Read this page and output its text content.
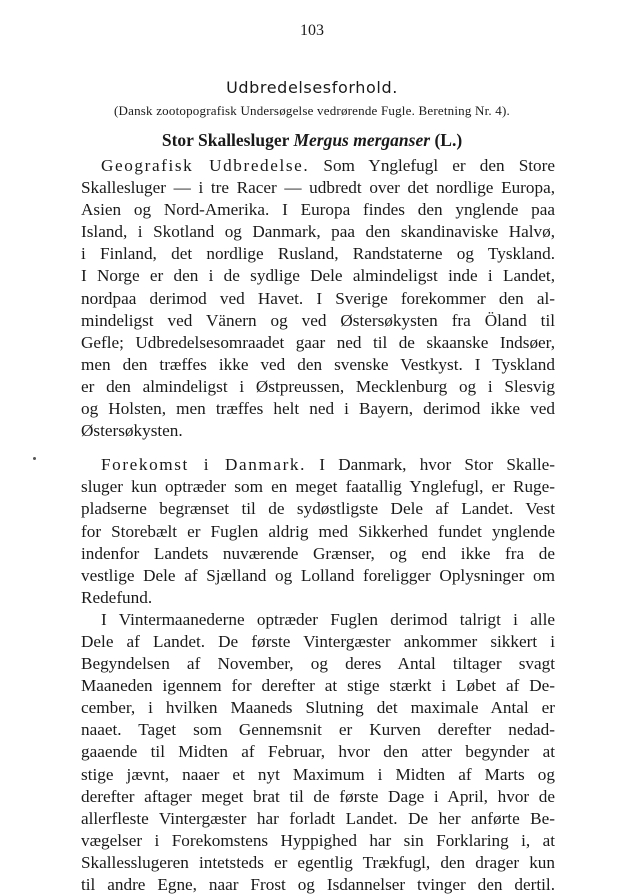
103
Udbredelsesforhold.
(Dansk zootopografisk Undersøgelse vedrørende Fugle. Beretning Nr. 4).
Stor Skallesluger Mergus merganser (L.)
Geografisk Udbredelse. Som Ynglefugl er den Store
Skallesluger — i tre Racer — udbredt over det nordlige Europa,
Asien og Nord-Amerika. I Europa findes den ynglende paa
Island, i Skotland og Danmark, paa den skandinaviske Halvø,
i Finland, det nordlige Rusland, Randstaterne og Tyskland.
I Norge er den i de sydlige Dele almindeligst inde i Landet,
nordpaa derimod ved Havet. I Sverige forekommer den al-
mindeligst ved Vänern og ved Østersøkysten fra Öland til
Gefle; Udbredelsesomraadet gaar ned til de skaanske Indsøer,
men den træffes ikke ved den svenske Vestkyst. I Tyskland
er den almindeligst i Østpreussen, Mecklenburg og i Slesvig
og Holsten, men træffes helt ned i Bayern, derimod ikke ved
Østersøkysten.
Forekomst i Danmark. I Danmark, hvor Stor Skalle-
sluger kun optræder som en meget faatallig Ynglefugl, er Ruge-
pladserne begrænset til de sydøstligste Dele af Landet. Vest
for Storebælt er Fuglen aldrig med Sikkerhed fundet ynglende
indenfor Landets nuværende Grænser, og end ikke fra de
vestlige Dele af Sjælland og Lolland foreligger Oplysninger om
Redefund.
I Vintermaanederne optræder Fuglen derimod talrigt i alle
Dele af Landet. De første Vintergæster ankommer sikkert i
Begyndelsen af November, og deres Antal tiltager svagt
Maaneden igennem for derefter at stige stærkt i Løbet af De-
cember, i hvilken Maaneds Slutning det maximale Antal er
naaet. Taget som Gennemsnit er Kurven derefter nedad-
gaaende til Midten af Februar, hvor den atter begynder at
stige jævnt, naaer et nyt Maximum i Midten af Marts og
derefter aftager meget brat til de første Dage i April, hvor de
allerfleste Vintergæster har forladt Landet. De her anførte Be-
vægelser i Forekomstens Hyppighed har sin Forklaring i, at
Skallesslugeren intetsteds er egentlig Trækfugl, den drager kun
til andre Egne, naar Frost og Isdannelser tvinger den dertil.
